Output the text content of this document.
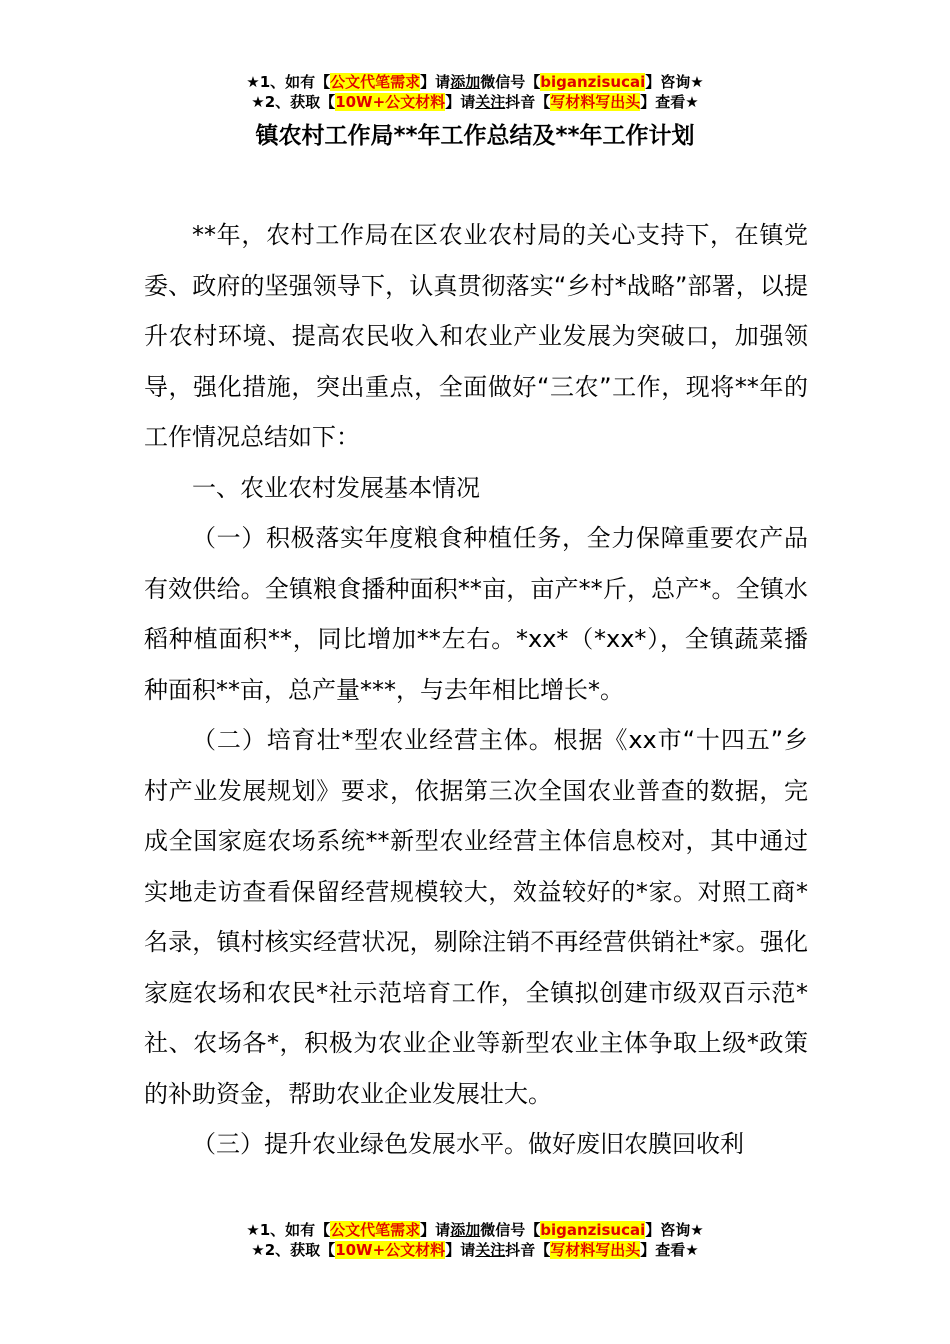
★1、如有【公文代笔需求】请添加微信号【biganzisucai】咨询★
★2、获取【10W+公文材料】请关注抖音【写材料写出头】查看★
镇农村工作局**年工作总结及**年工作计划

**年，农村工作局在区农业农村局的关心支持下，在镇党委、政府的坚强领导下，认真贯彻落实“乡村*战略”部署，以提升农村环境、提高农民收入和农业产业发展为突破口，加强领导，强化措施，突出重点，全面做好“三农”工作，现将**年的工作情况总结如下：

一、农业农村发展基本情况

（一）积极落实年度粮食种植任务，全力保障重要农产品有效供给。全镇粮食播种面积**亩，亩产**斤，总产*。全镇水稻种植面积**，同比增加**左右。*xx*（*xx*），全镇蔬菜播种面积**亩，总产量***，与去年相比增长*。

（二）培育壮*型农业经营主体。根据《xx市“十四五”乡村产业发展规划》要求，依据第三次全国农业普查的数据，完成全国家庭农场系统**新型农业经营主体信息校对，其中通过实地走访查看保留经营规模较大，效益较好的*家。对照工商*名录，镇村核实经营状况，剔除注销不再经营供销社*家。强化家庭农场和农民*社示范培育工作，全镇拟创建市级双百示范*社、农场各*，积极为农业企业等新型农业主体争取上级*政策的补助资金，帮助农业企业发展壮大。

（三）提升农业绿色发展水平。做好废旧农膜回收利

★1、如有【公文代笔需求】请添加微信号【biganzisucai】咨询★
★2、获取【10W+公文材料】请关注抖音【写材料写出头】查看★
